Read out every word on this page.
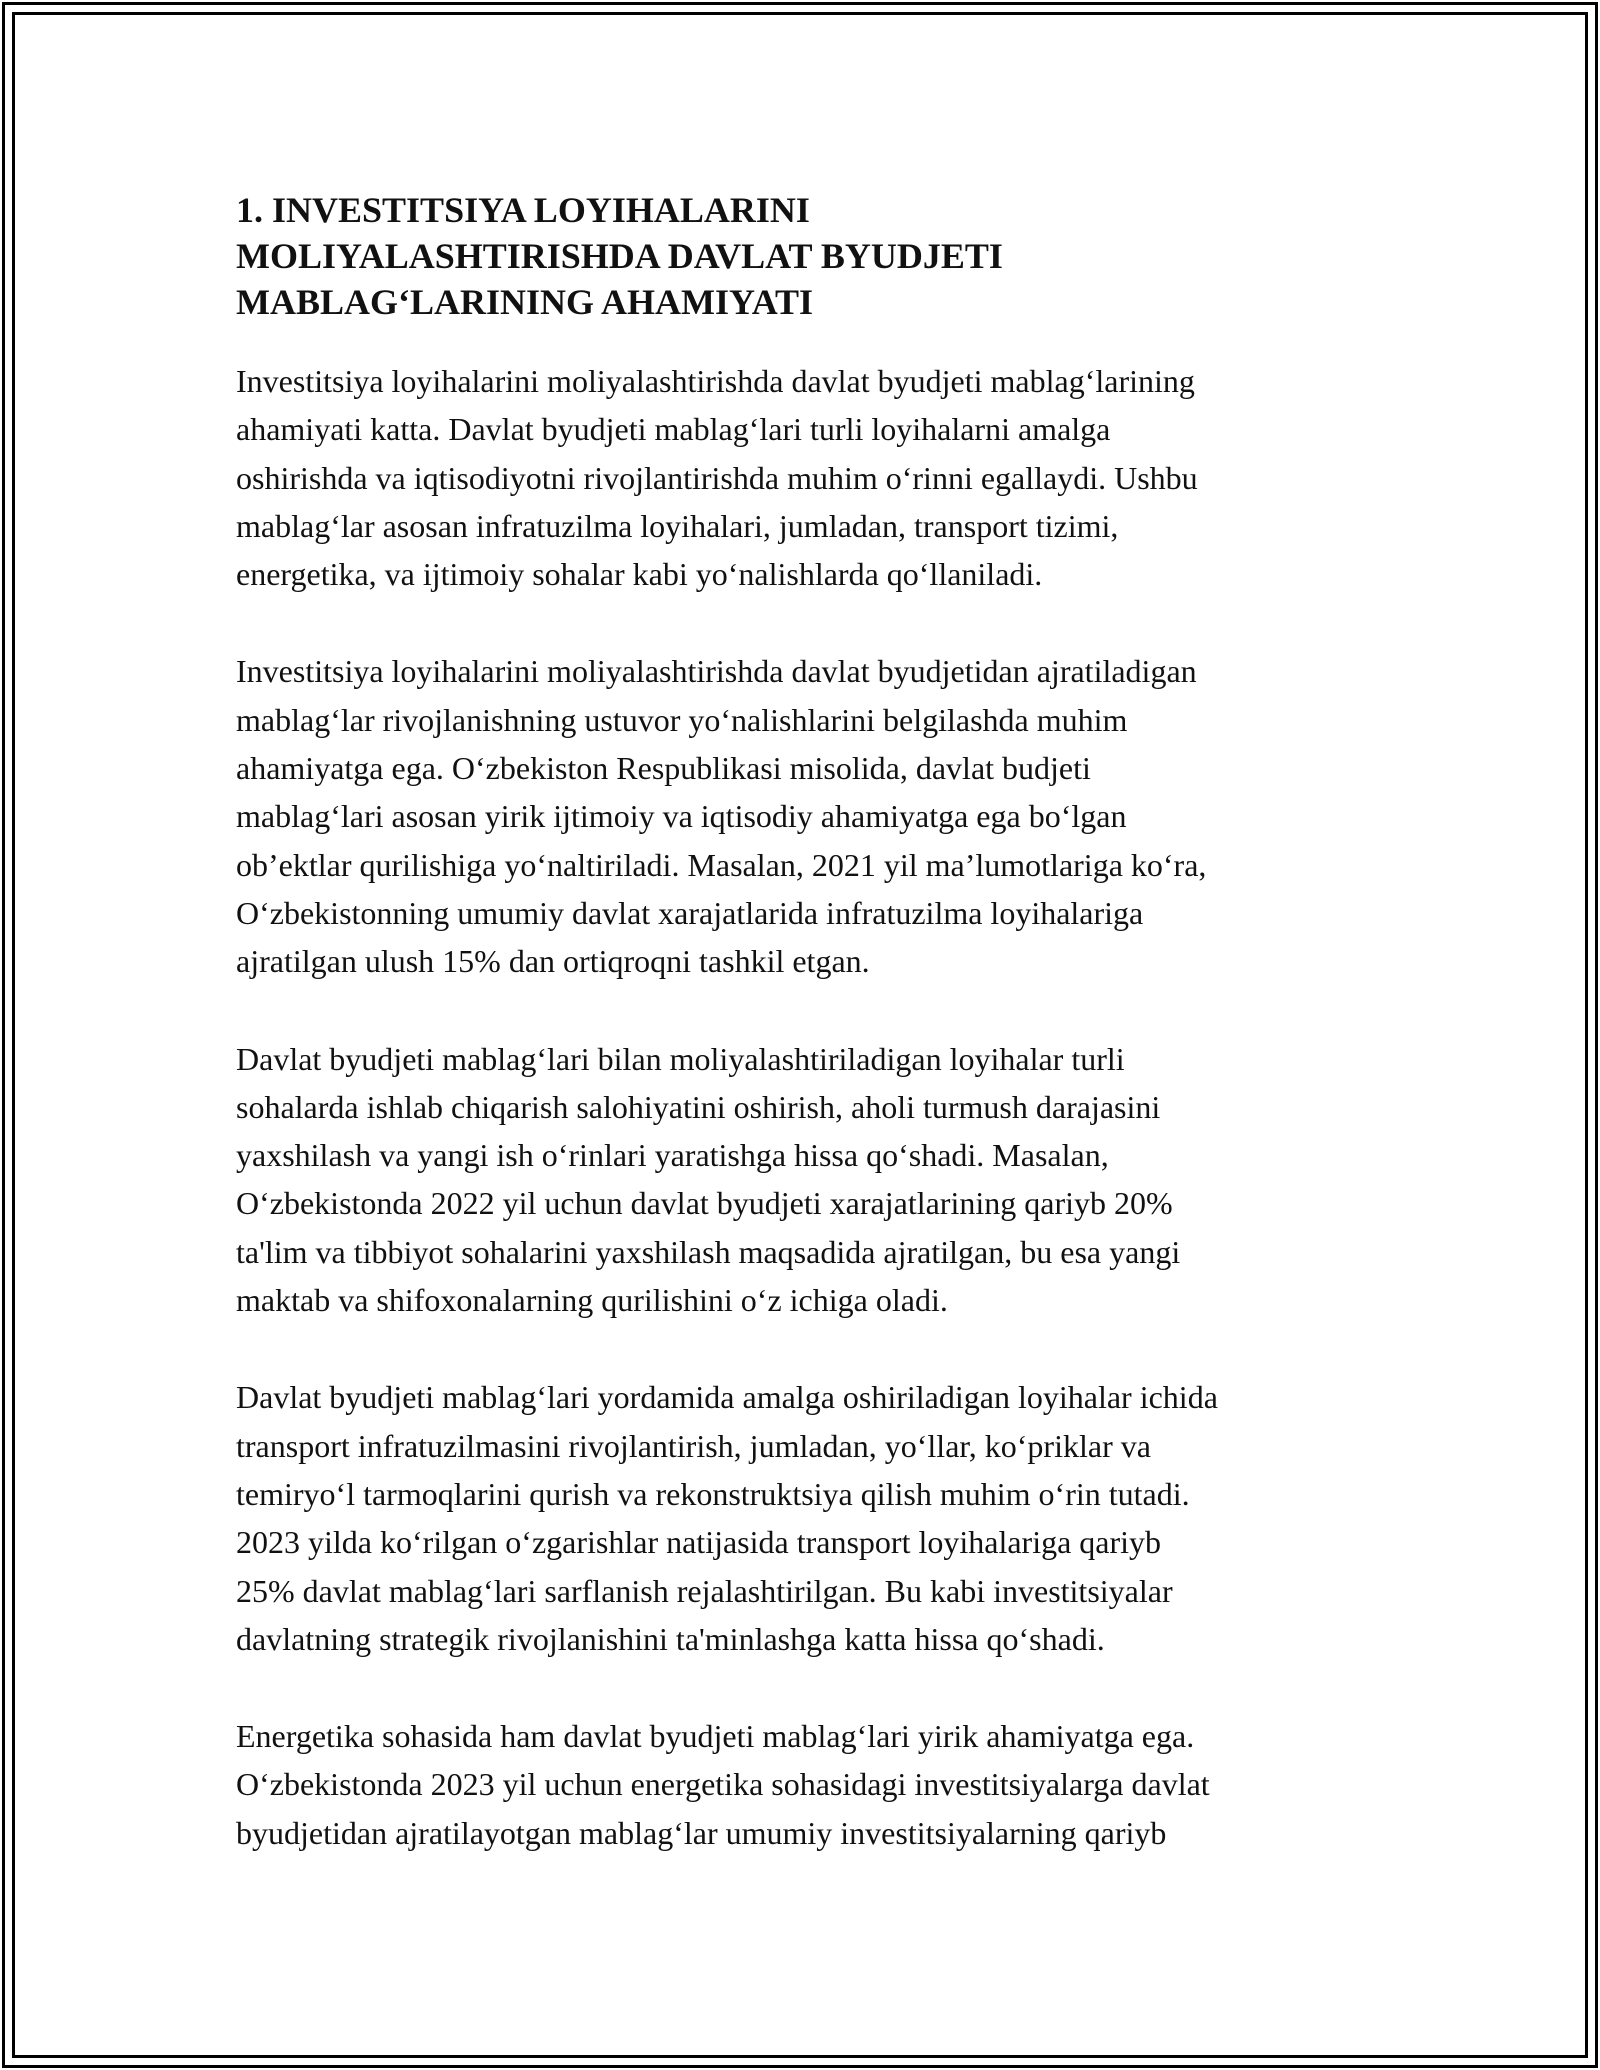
1. INVESTITSIYA LOYIHALARINI
MOLIYALASHTIRISHDA DAVLAT BYUDJETI
MABLAG‘LARINING AHAMIYATI

Investitsiya loyihalarini moliyalashtirishda davlat byudjeti mablag‘larining
ahamiyati katta. Davlat byudjeti mablag‘lari turli loyihalarni amalga
oshirishda va iqtisodiyotni rivojlantirishda muhim o‘rinni egallaydi. Ushbu
mablag‘lar asosan infratuzilma loyihalari, jumladan, transport tizimi,
energetika, va ijtimoiy sohalar kabi yo‘nalishlarda qo‘llaniladi.

Investitsiya loyihalarini moliyalashtirishda davlat byudjetidan ajratiladigan
mablag‘lar rivojlanishning ustuvor yo‘nalishlarini belgilashda muhim
ahamiyatga ega. O‘zbekiston Respublikasi misolida, davlat budjeti
mablag‘lari asosan yirik ijtimoiy va iqtisodiy ahamiyatga ega bo‘lgan
ob’ektlar qurilishiga yo‘naltiriladi. Masalan, 2021 yil ma’lumotlariga ko‘ra,
O‘zbekistonning umumiy davlat xarajatlarida infratuzilma loyihalariga
ajratilgan ulush 15% dan ortiqroqni tashkil etgan.

Davlat byudjeti mablag‘lari bilan moliyalashtiriladigan loyihalar turli
sohalarda ishlab chiqarish salohiyatini oshirish, aholi turmush darajasini
yaxshilash va yangi ish o‘rinlari yaratishga hissa qo‘shadi. Masalan,
O‘zbekistonda 2022 yil uchun davlat byudjeti xarajatlarining qariyb 20%
ta'lim va tibbiyot sohalarini yaxshilash maqsadida ajratilgan, bu esa yangi
maktab va shifoxonalarning qurilishini o‘z ichiga oladi.

Davlat byudjeti mablag‘lari yordamida amalga oshiriladigan loyihalar ichida
transport infratuzilmasini rivojlantirish, jumladan, yo‘llar, ko‘priklar va
temiryo‘l tarmoqlarini qurish va rekonstruktsiya qilish muhim o‘rin tutadi.
2023 yilda ko‘rilgan o‘zgarishlar natijasida transport loyihalariga qariyb
25% davlat mablag‘lari sarflanish rejalashtirilgan. Bu kabi investitsiyalar
davlatning strategik rivojlanishini ta'minlashga katta hissa qo‘shadi.

Energetika sohasida ham davlat byudjeti mablag‘lari yirik ahamiyatga ega.
O‘zbekistonda 2023 yil uchun energetika sohasidagi investitsiyalarga davlat
byudjetidan ajratilayotgan mablag‘lar umumiy investitsiyalarning qariyb
